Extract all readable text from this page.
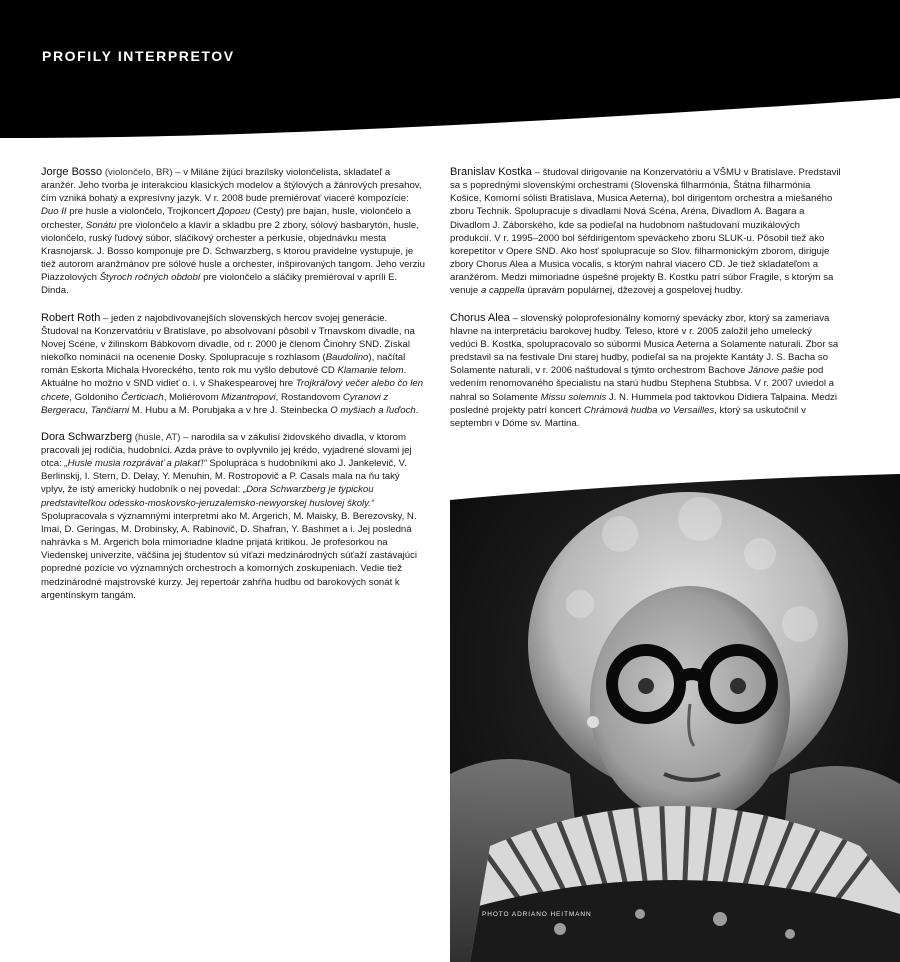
PROFILY INTERPRETOV

Jorge Bosso (violončelo, BR) – v Miláne žijúci brazílsky violončelista, skladateľ a aranžér. Jeho tvorba je interakciou klasických modelov a štýlových a žánrových presahov, čím vzniká bohatý a expresívny jazyk. V r. 2008 bude premiérovať viaceré kompozície: Duo II pre husle a violončelo, Trojkoncert Дороги (Cesty) pre bajan, husle, violončelo a orchester, Sonátu pre violončelo a klavír a skladbu pre 2 zbory, sólový basbarytón, husle, violončelo, ruský ľudový súbor, sláčikový orchester a perkusie, objednávku mesta Krasnojarsk. J. Bosso komponuje pre D. Schwarzberg, s ktorou pravidelne vystupuje, je tiež autorom aranžmánov pre sólové husle a orchester, inšpirovaných tangom. Jeho verziu Piazzolových Štyroch ročných období pre violončelo a sláčiky premiéroval v apríli E. Dinda.

Robert Roth – jeden z najobdivovanejších slovenských hercov svojej generácie. Študoval na Konzervatóriu v Bratislave, po absolvovaní pôsobil v Trnavskom divadle, na Novej Scéne, v žilinskom Bábkovom divadle, od r. 2000 je členom Činohry SND. Získal niekoľko nominácií na ocenenie Dosky. Spolupracuje s rozhlasom (Baudolino), načítal román Eskorta Michala Hvoreckého, tento rok mu vyšlo debutové CD Klamanie telom. Aktuálne ho možno v SND vidieť o. i. v Shakespearovej hre Trojkráľový večer alebo čo len chcete, Goldoniho Čerticiach, Moliérovom Mizantropovi, Rostandovom Cyranovi z Bergeracu, Tančiarni M. Hubu a M. Porubjaka a v hre J. Steinbecka O myšiach a ľuďoch.

Dora Schwarzberg (husle, AT) – narodila sa v zákulisí židovského divadla, v ktorom pracovali jej rodičia, hudobníci. Azda práve to ovplyvnilo jej krédo, vyjadrené slovami jej otca: „Husle musia rozprávať a plakať!“ Spolupráca s hudobníkmi ako J. Jankelevič, V. Berlinskij, I. Stern, D. Delay, Y. Menuhin, M. Rostropovič a P. Casals mala na ňu taký vplyv, že istý americký hudobník o nej povedal: „Dora Schwarzberg je typickou predstaviteľkou odessko-moskovsko-jeruzalemsko-newyorskej huslovej školy.“ Spolupracovala s významnými interpretmi ako M. Argerich, M. Maisky, B. Berezovsky, N. Imai, D. Geringas, M. Drobinsky, A. Rabinovič, D. Shafran, Y. Bashmet a i. Jej posledná nahrávka s M. Argerich bola mimoriadne kladne prijatá kritikou. Je profesorkou na Viedenskej univerzite, väčšina jej študentov sú víťazi medzinárodných súťaží zastávajúci popredné pozície vo významných orchestroch a komorných zoskupeniach. Vedie tiež medzinárodné majstrovské kurzy. Jej repertoár zahŕňa hudbu od barokových sonát k argentínskym tangám.

Branislav Kostka – študoval dirigovanie na Konzervatóriu a VŠMU v Bratislave. Predstavil sa s poprednými slovenskými orchestrami (Slovenská filharmónia, Štátna filharmónia Košice, Komorní sólisti Bratislava, Musica Aeterna), bol dirigentom orchestra a miešaného zboru Technik. Spolupracuje s divadlami Nová Scéna, Aréna, Divadlom A. Bagara a Divadlom J. Záborského, kde sa podieľal na hudobnom naštudovaní muzikálových produkcií. V r. 1995–2000 bol šéfdirigentom speváckeho zboru SLUK-u. Pôsobil tiež ako korepetítor v Opere SND. Ako hosť spolupracuje so Slov. filharmonickým zborom, diriguje zbory Chorus Alea a Musica vocalis, s ktorým nahral viacero CD. Je tiež skladateľom a aranžérom. Medzi mimoriadne úspešné projekty B. Kostku patrí súbor Fragile, s ktorým sa venuje a cappella úpravám populárnej, džezovej a gospelovej hudby.

Chorus Alea – slovenský poloprofesionálny komorný spevácky zbor, ktorý sa zameriava hlavne na interpretáciu barokovej hudby. Teleso, ktoré v r. 2005 založil jeho umelecký vedúci B. Kostka, spolupracovalo so súbormi Musica Aeterna a Solamente naturali. Zbor sa predstavil sa na festivale Dni starej hudby, podieľal sa na projekte Kantáty J. S. Bacha so Solamente naturali, v r. 2006 naštudoval s týmto orchestrom Bachove Jánove pašie pod vedením renomovaného špecialistu na starú hudbu Stephena Stubbsa. V r. 2007 uviedol a nahral so Solamente Missu solemnis J. N. Hummela pod taktovkou Didiera Talpaina. Medzi posledné projekty patrí koncert Chrámová hudba vo Versailles, ktorý sa uskutočnil v septembri v Dóme sv. Martina.

PHOTO ADRIANO HEITMANN
